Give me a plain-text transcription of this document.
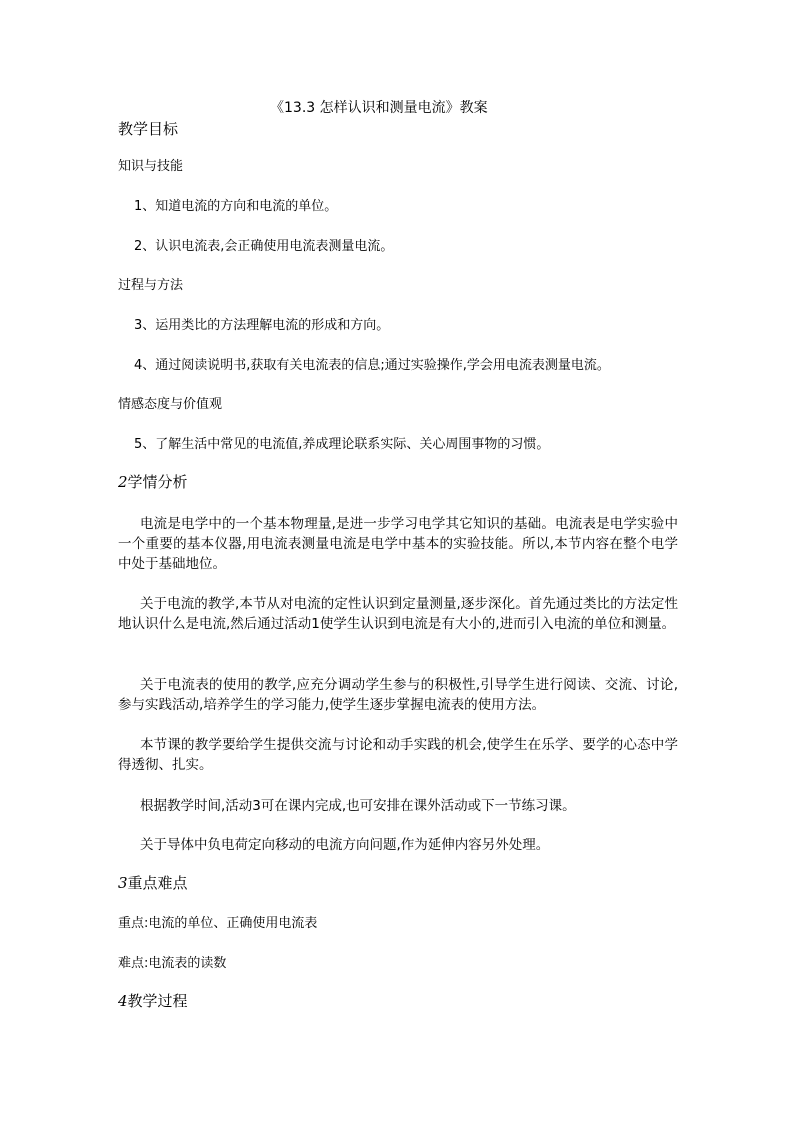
《13.3 怎样认识和测量电流》教案
教学目标
知识与技能
1、知道电流的方向和电流的单位。
2、认识电流表,会正确使用电流表测量电流。
过程与方法
3、运用类比的方法理解电流的形成和方向。
4、通过阅读说明书,获取有关电流表的信息;通过实验操作,学会用电流表测量电流。
情感态度与价值观
5、了解生活中常见的电流值,养成理论联系实际、关心周围事物的习惯。
2学情分析
电流是电学中的一个基本物理量,是进一步学习电学其它知识的基础。电流表是电学实验中一个重要的基本仪器,用电流表测量电流是电学中基本的实验技能。所以,本节内容在整个电学中处于基础地位。
关于电流的教学,本节从对电流的定性认识到定量测量,逐步深化。首先通过类比的方法定性地认识什么是电流,然后通过活动1使学生认识到电流是有大小的,进而引入电流的单位和测量。
关于电流表的使用的教学,应充分调动学生参与的积极性,引导学生进行阅读、交流、讨论,参与实践活动,培养学生的学习能力,使学生逐步掌握电流表的使用方法。
本节课的教学要给学生提供交流与讨论和动手实践的机会,使学生在乐学、要学的心态中学得透彻、扎实。
根据教学时间,活动3可在课内完成,也可安排在课外活动或下一节练习课。
关于导体中负电荷定向移动的电流方向问题,作为延伸内容另外处理。
3重点难点
重点:电流的单位、正确使用电流表
难点:电流表的读数
4教学过程
